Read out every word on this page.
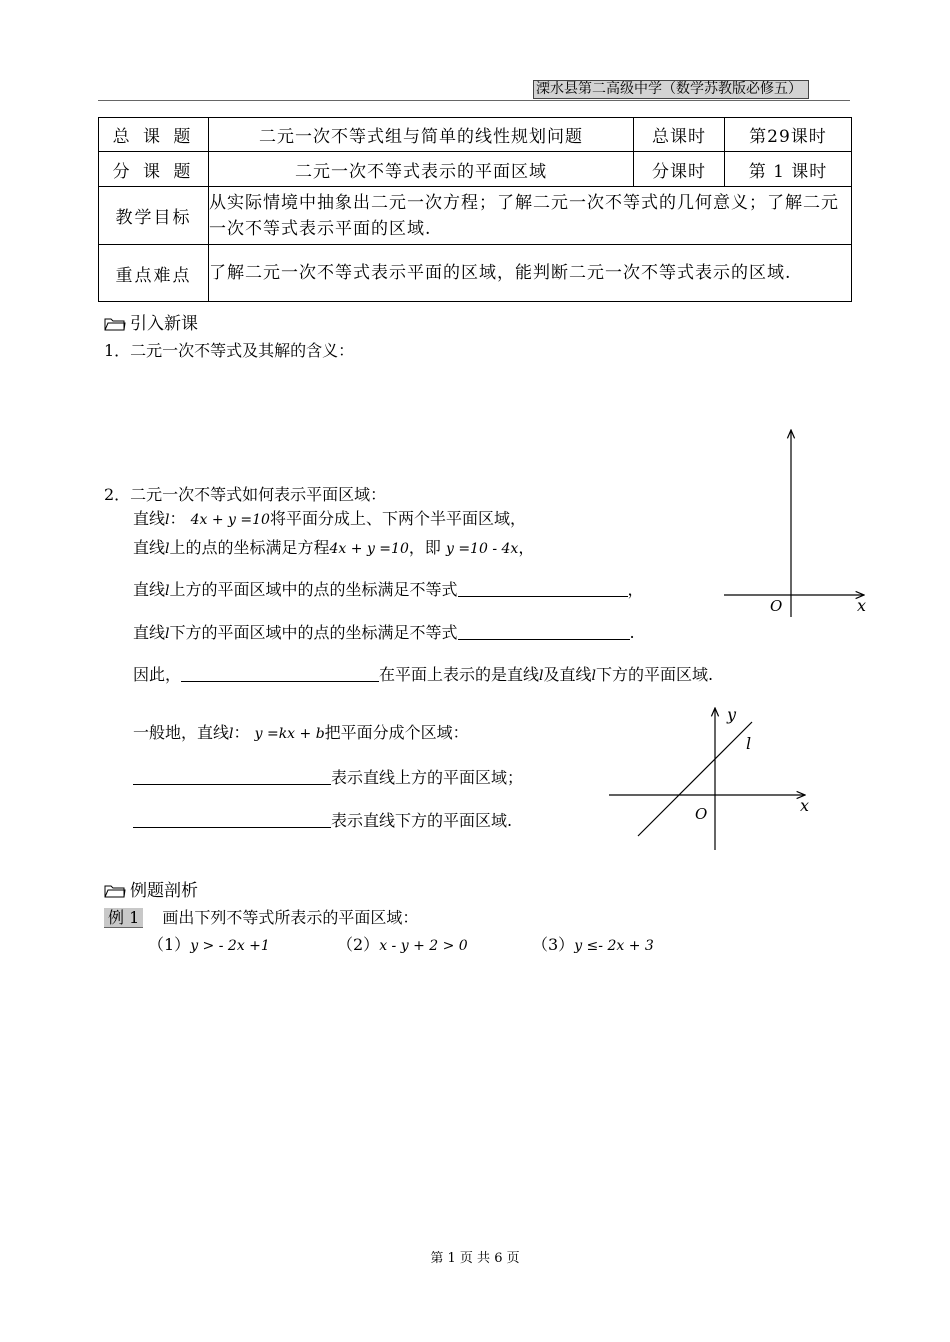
溧水县第二高级中学（数学苏教版必修五）
总 课 题	二元一次不等式组与简单的线性规划问题	总课时	第29课时
分 课 题	二元一次不等式表示的平面区域	分课时	第 1 课时
教学目标	从实际情境中抽象出二元一次方程；了解二元一次不等式的几何意义；了解二元一次不等式表示平面的区域.		
重点难点	了解二元一次不等式表示平面的区域，能判断二元一次不等式表示的区域.		
引入新课
1．二元一次不等式及其解的含义：
2．二元一次不等式如何表示平面区域：
直线l： 4x + y =10将平面分成上、下两个半平面区域，
直线l上的点的坐标满足方程4x + y =10，即 y =10 - 4x，
直线l上方的平面区域中的点的坐标满足不等式	，
直线l下方的平面区域中的点的坐标满足不等式	.
因此，	在平面上表示的是直线l及直线l下方的平面区域.
一般地，直线l： y =kx + b把平面分成个区域：
表示直线上方的平面区域；
表示直线下方的平面区域.
O	x
y
l
O	x
例题剖析
例 1 画出下列不等式所表示的平面区域：
（1）y > - 2x +1	（2）x - y + 2 > 0	（3）y ≤- 2x + 3
第 1 页 共 6 页
